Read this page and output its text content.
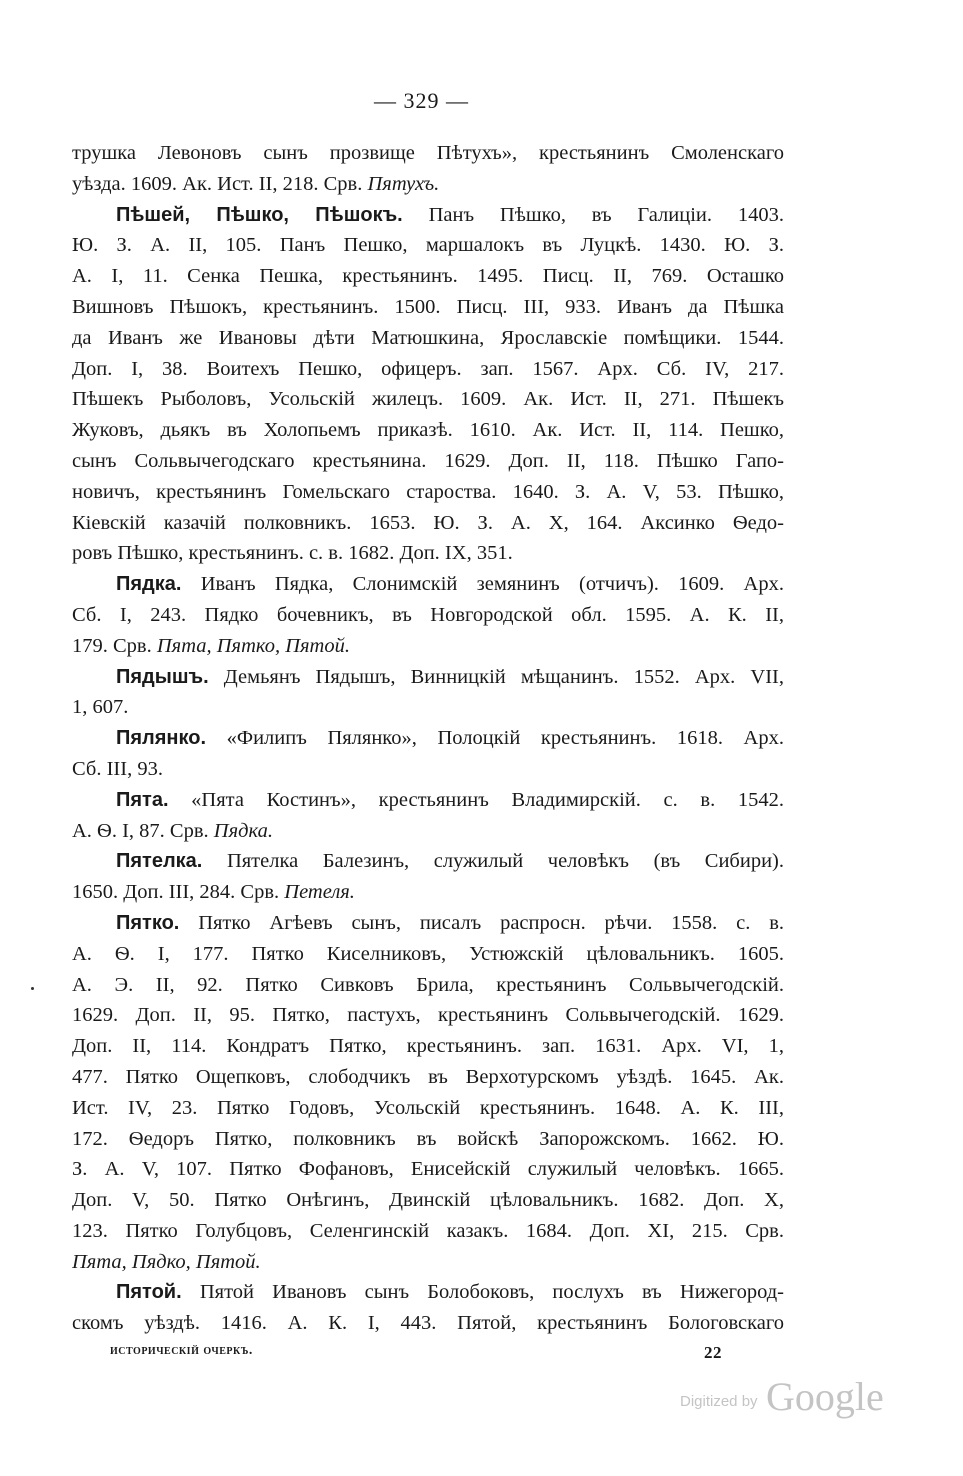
— 329 —
трушка Левоновъ сынъ прозвище Пѣтухъ», крестьянинъ Смоленскаго
уѣзда. 1609. Ак. Ист. II, 218. Срв. Пятухъ.
Пѣшей, Пѣшко, Пѣшокъ. Панъ Пѣшко, въ Галиціи. 1403.
Ю. З. А. II, 105. Панъ Пешко, маршалокъ въ Луцкѣ. 1430. Ю. З.
А. I, 11. Сенка Пешка, крестьянинъ. 1495. Писц. II, 769. Осташко
Вишновъ Пѣшокъ, крестьянинъ. 1500. Писц. III, 933. Иванъ да Пѣшка
да Иванъ же Ивановы дѣти Матюшкина, Ярославскіе помѣщики. 1544.
Доп. I, 38. Воитехъ Пешко, офицеръ. зап. 1567. Арх. Сб. IV, 217.
Пѣшекъ Рыболовъ, Усольскій жилецъ. 1609. Ак. Ист. II, 271. Пѣшекъ
Жуковъ, дьякъ въ Холопьемъ приказѣ. 1610. Ак. Ист. II, 114. Пешко,
сынъ Сольвычегодскаго крестьянина. 1629. Доп. II, 118. Пѣшко Гапо-
новичъ, крестьянинъ Гомельскаго староства. 1640. З. А. V, 53. Пѣшко,
Кіевскій казачій полковникъ. 1653. Ю. З. А. X, 164. Аксинко Ѳедо-
ровъ Пѣшко, крестьянинъ. с. в. 1682. Доп. IX, 351.
Пядка. Иванъ Пядка, Слонимскій земянинъ (отчичъ). 1609. Арх.
Сб. I, 243. Пядко бочевникъ, въ Новгородской обл. 1595. А. К. II,
179. Срв. Пята, Пятко, Пятой.
Пядышъ. Демьянъ Пядышъ, Винницкій мѣщанинъ. 1552. Арх. VII,
1, 607.
Пялянко. «Филипъ Пялянко», Полоцкій крестьянинъ. 1618. Арх.
Сб. III, 93.
Пята. «Пята Костинъ», крестьянинъ Владимирскій. с. в. 1542.
А. Ѳ. I, 87. Срв. Пядка.
Пятелка. Пятелка Балезинъ, служилый человѣкъ (въ Сибири).
1650. Доп. III, 284. Срв. Петеля.
Пятко. Пятко Агѣевъ сынъ, писалъ распросн. рѣчи. 1558. с. в.
А. Ѳ. I, 177. Пятко Киселниковъ, Устюжскій цѣловальникъ. 1605.
А. Э. II, 92. Пятко Сивковъ Брила, крестьянинъ Сольвычегодскій.
1629. Доп. II, 95. Пятко, пастухъ, крестьянинъ Сольвычегодскій. 1629.
Доп. II, 114. Кондратъ Пятко, крестьянинъ. зап. 1631. Арх. VI, 1,
477. Пятко Ощепковъ, слободчикъ въ Верхотурскомъ уѣздѣ. 1645. Ак.
Ист. IV, 23. Пятко Годовъ, Усольскій крестьянинъ. 1648. А. К. III,
172. Ѳедоръ Пятко, полковникъ въ войскѣ Запорожскомъ. 1662. Ю.
З. А. V, 107. Пятко Фофановъ, Енисейскій служилый человѣкъ. 1665.
Доп. V, 50. Пятко Онѣгинъ, Двинскій цѣловальникъ. 1682. Доп. X,
123. Пятко Голубцовъ, Селенгинскій казакъ. 1684. Доп. XI, 215. Срв.
Пята, Пядко, Пятой.
Пятой. Пятой Ивановъ сынъ Болобоковъ, послухъ въ Нижегород-
скомъ уѣздѣ. 1416. А. К. I, 443. Пятой, крестьянинъ Бологовскаго
историческій очеркъ.	22
Digitized by Google
